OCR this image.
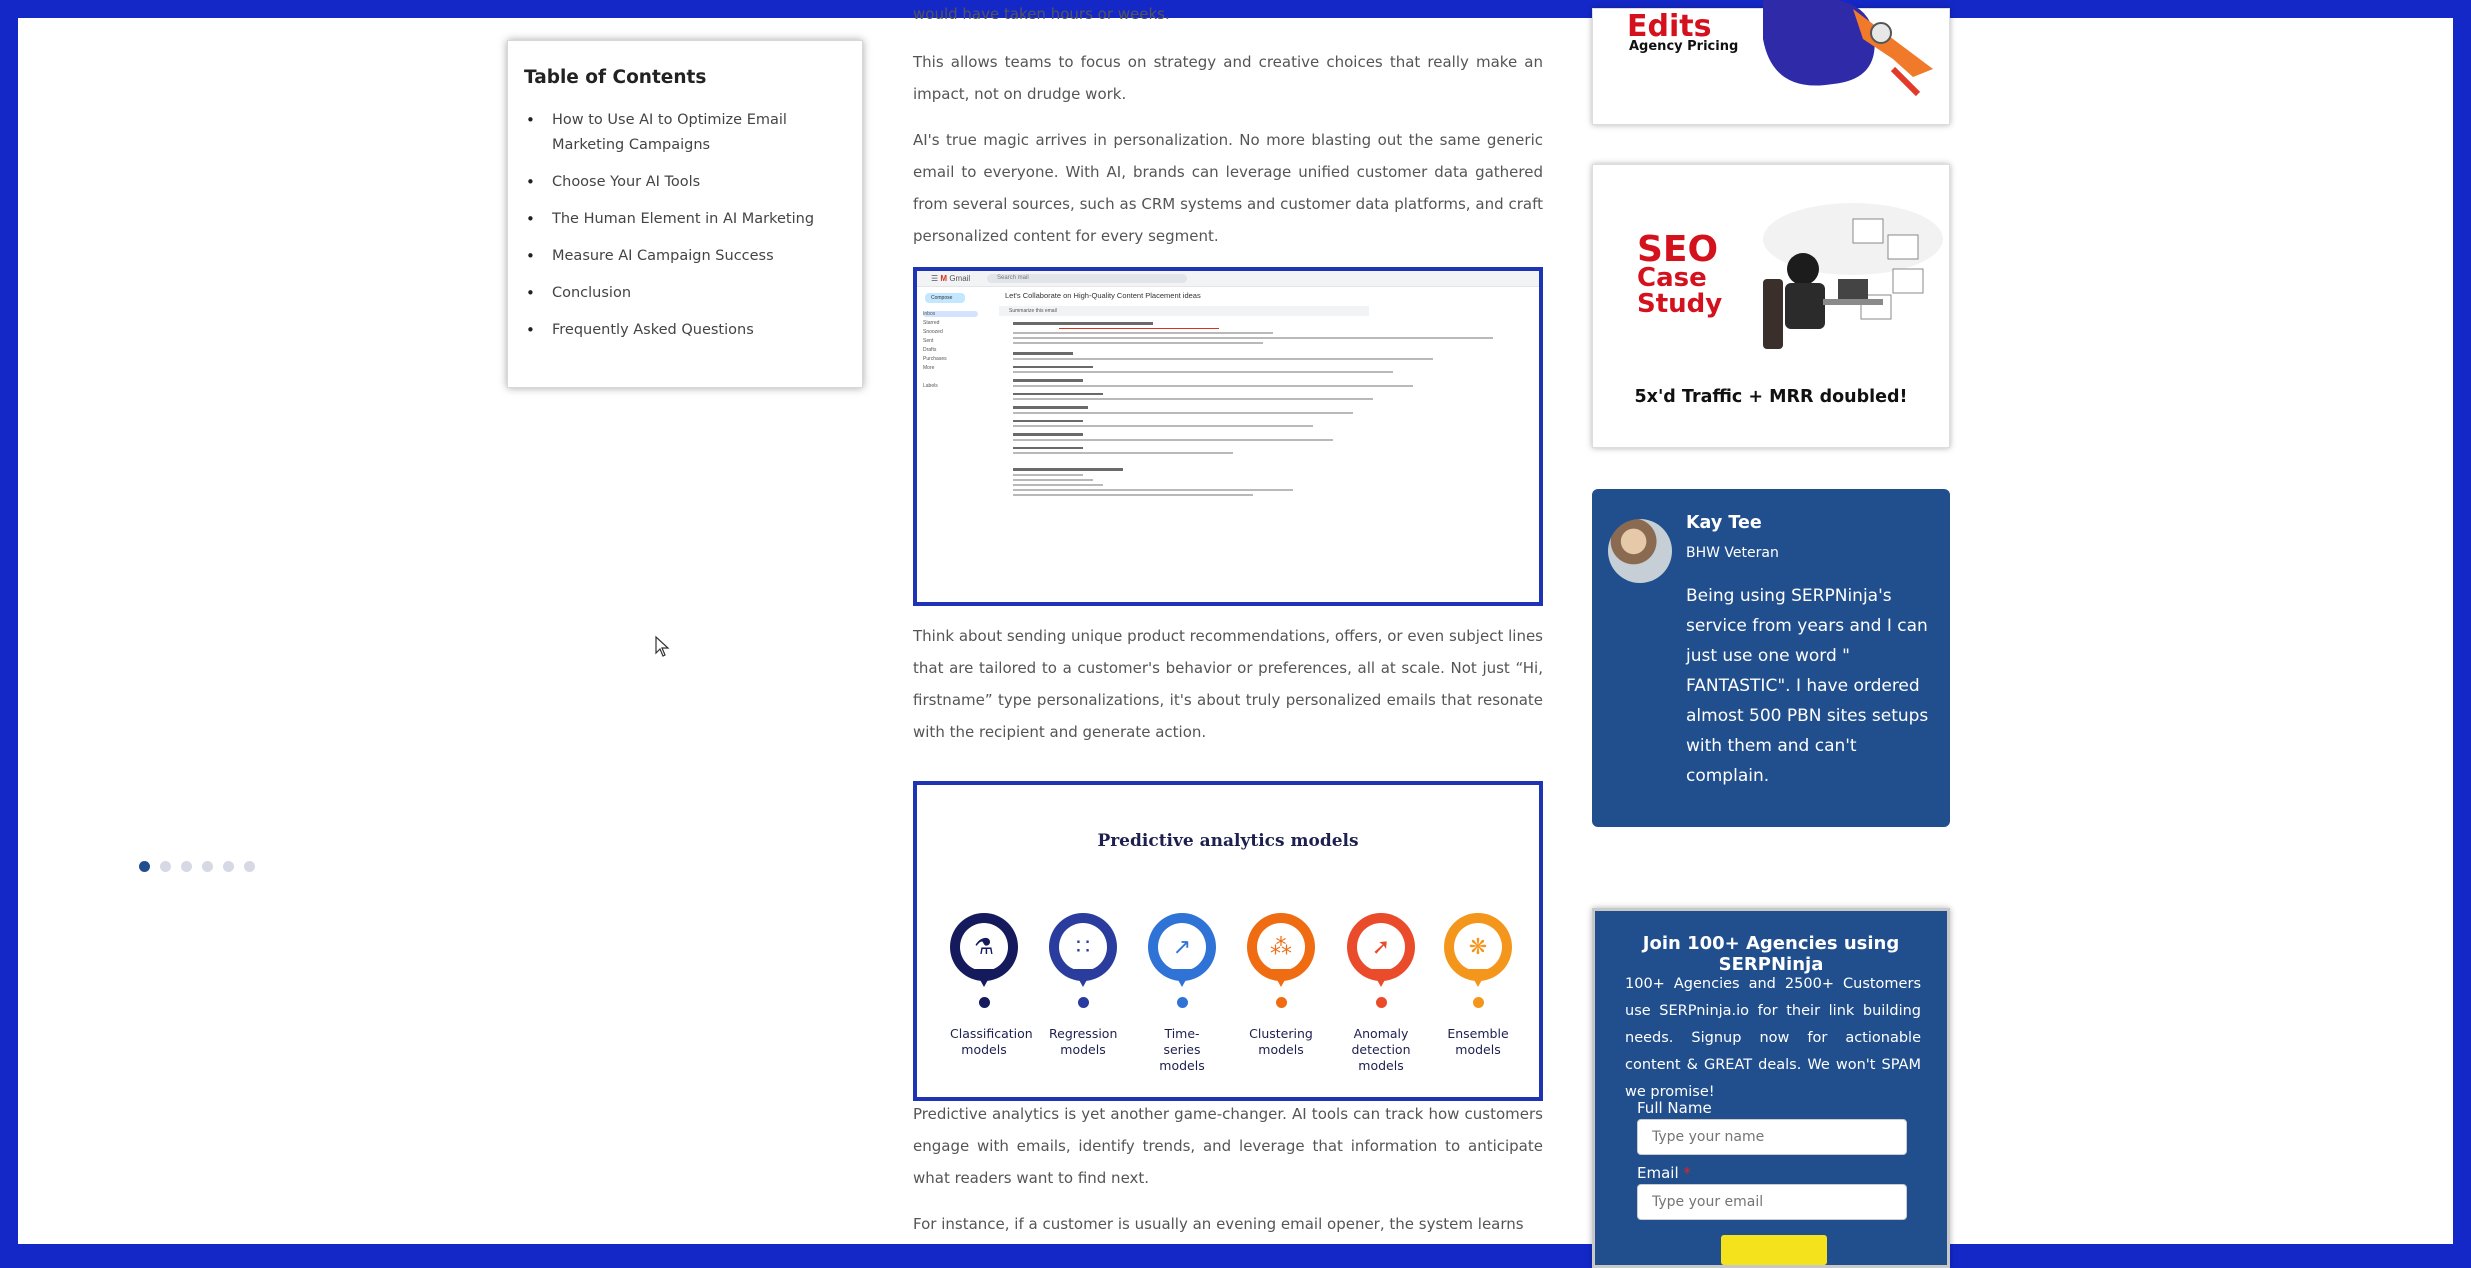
Table of Contents
• How to Use AI to Optimize Email Marketing Campaigns
• Choose Your AI Tools
• The Human Element in AI Marketing
• Measure AI Campaign Success
• Conclusion
• Frequently Asked Questions

would have taken hours or weeks.

This allows teams to focus on strategy and creative choices that really make an impact, not on drudge work.

AI's true magic arrives in personalization. No more blasting out the same generic email to everyone. With AI, brands can leverage unified customer data gathered from several sources, such as CRM systems and customer data platforms, and craft personalized content for every segment.

☰ M Gmail	Search mail
Compose
Inbox
Starred
Snoozed
Sent
Drafts
Purchases
More
Labels
Let's Collaborate on High-Quality Content Placement ideas
Summarize this email

Think about sending unique product recommendations, offers, or even subject lines that are tailored to a customer's behavior or preferences, all at scale. Not just “Hi, firstname” type personalizations, it's about truly personalized emails that resonate with the recipient and generate action.

Predictive analytics models
⚗
Classification
models
∷
Regression
models
↗
Time-series
models
⁂
Clustering
models
➚
Anomaly
detection models
❋
Ensemble
models

Predictive analytics is yet another game-changer. AI tools can track how customers engage with emails, identify trends, and leverage that information to anticipate what readers want to find next.

For instance, if a customer is usually an evening email opener, the system learns

Edits
Agency Pricing
SEO
Case
Study
5x'd Traffic + MRR doubled!
Kay Tee
BHW Veteran
Being using SERPNinja's service from years and I can just use one word " FANTASTIC". I have ordered almost 500 PBN sites setups with them and can't complain.
Join 100+ Agencies using SERPNinja
100+ Agencies and 2500+ Customers use SERPninja.io for their link building needs. Signup now for actionable content & GREAT deals. We won't SPAM we promise!
Full Name
Type your name
Email *
Type your email
